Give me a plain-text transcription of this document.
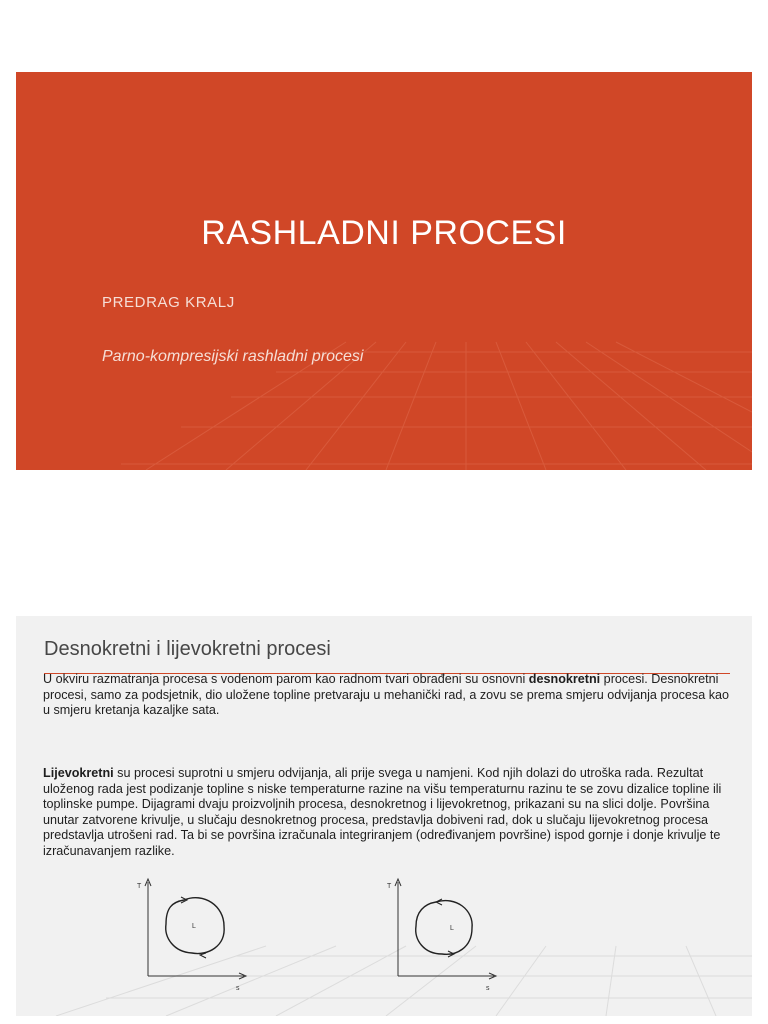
RASHLADNI PROCESI
PREDRAG KRALJ
Parno-kompresijski rashladni procesi
Desnokretni i lijevokretni procesi
U okviru razmatranja procesa s vodenom parom kao radnom tvari obrađeni su osnovni desnokretni procesi. Desnokretni procesi, samo za podsjetnik, dio uložene topline pretvaraju u mehanički rad, a zovu se prema smjeru odvijanja procesa kao u smjeru kretanja kazaljke sata.
Lijevokretni su procesi suprotni u smjeru odvijanja, ali prije svega u namjeni. Kod njih dolazi do utroška rada. Rezultat uloženog rada jest podizanje topline s niske temperaturne razine na višu temperaturnu razinu te se zovu dizalice topline ili toplinske pumpe. Dijagrami dvaju proizvoljnih procesa, desnokretnog i lijevokretnog, prikazani su na slici dolje. Površina unutar zatvorene krivulje, u slučaju desnokretnog procesa, predstavlja dobiveni rad, dok u slučaju lijevokretnog procesa predstavlja utrošeni rad. Ta bi se površina izračunala integriranjem (određivanjem površine) ispod gornje i donje krivulje te izračunavanjem razlike.
T
s
L
T
s
L
